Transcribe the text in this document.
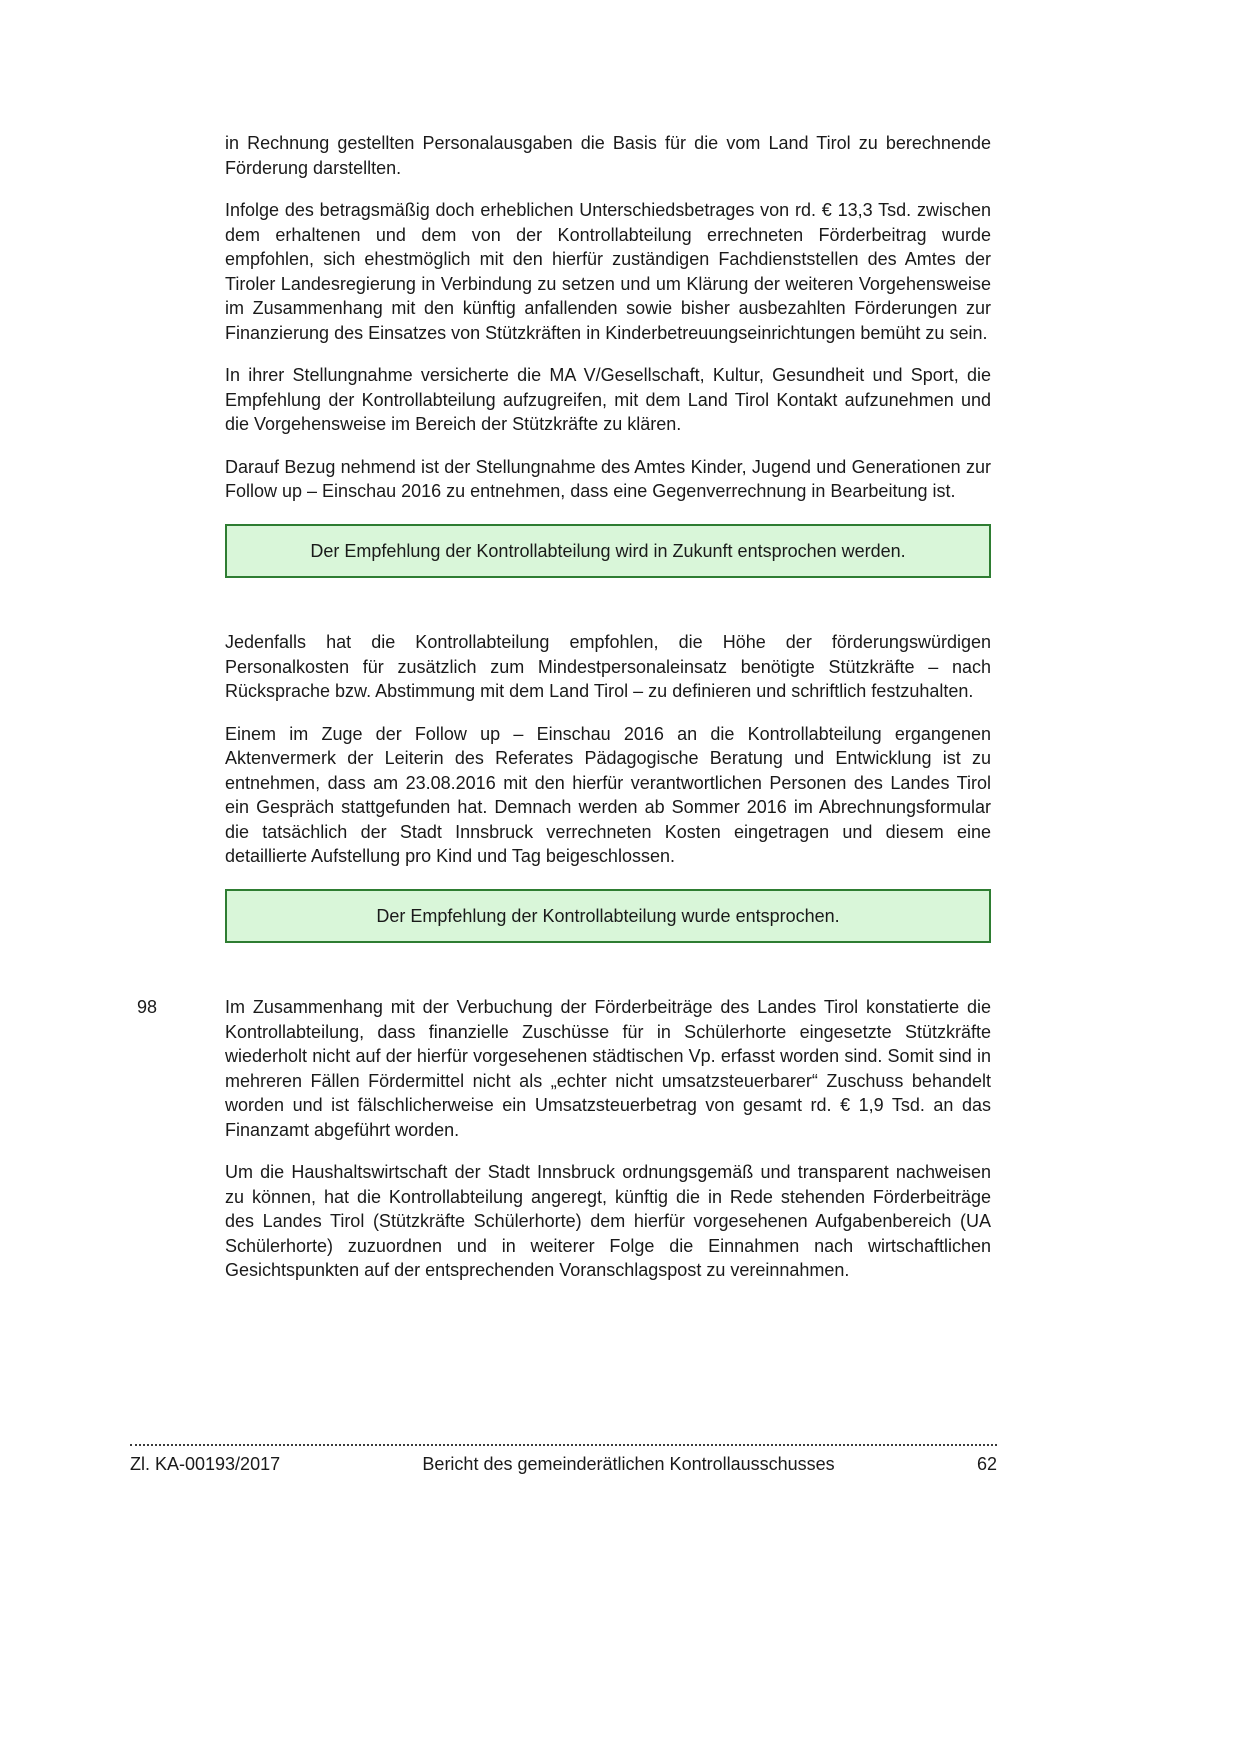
in Rechnung gestellten Personalausgaben die Basis für die vom Land Tirol zu berechnende Förderung darstellten.

Infolge des betragsmäßig doch erheblichen Unterschiedsbetrages von rd. € 13,3 Tsd. zwischen dem erhaltenen und dem von der Kontrollabteilung errechneten Förderbeitrag wurde empfohlen, sich ehestmöglich mit den hierfür zuständigen Fachdienststellen des Amtes der Tiroler Landesregierung in Verbindung zu setzen und um Klärung der weiteren Vorgehensweise im Zusammenhang mit den künftig anfallenden sowie bisher ausbezahlten Förderungen zur Finanzierung des Einsatzes von Stützkräften in Kinderbetreuungseinrichtungen bemüht zu sein.

In ihrer Stellungnahme versicherte die MA V/Gesellschaft, Kultur, Gesundheit und Sport, die Empfehlung der Kontrollabteilung aufzugreifen, mit dem Land Tirol Kontakt aufzunehmen und die Vorgehensweise im Bereich der Stützkräfte zu klären.

Darauf Bezug nehmend ist der Stellungnahme des Amtes Kinder, Jugend und Generationen zur Follow up – Einschau 2016 zu entnehmen, dass eine Gegenverrechnung in Bearbeitung ist.

Der Empfehlung der Kontrollabteilung wird in Zukunft entsprochen werden.

Jedenfalls hat die Kontrollabteilung empfohlen, die Höhe der förderungswürdigen Personalkosten für zusätzlich zum Mindestpersonaleinsatz benötigte Stützkräfte – nach Rücksprache bzw. Abstimmung mit dem Land Tirol – zu definieren und schriftlich festzuhalten.

Einem im Zuge der Follow up – Einschau 2016 an die Kontrollabteilung ergangenen Aktenvermerk der Leiterin des Referates Pädagogische Beratung und Entwicklung ist zu entnehmen, dass am 23.08.2016 mit den hierfür verantwortlichen Personen des Landes Tirol ein Gespräch stattgefunden hat. Demnach werden ab Sommer 2016 im Abrechnungsformular die tatsächlich der Stadt Innsbruck verrechneten Kosten eingetragen und diesem eine detaillierte Aufstellung pro Kind und Tag beigeschlossen.

Der Empfehlung der Kontrollabteilung wurde entsprochen.
98	Im Zusammenhang mit der Verbuchung der Förderbeiträge des Landes Tirol konstatierte die Kontrollabteilung, dass finanzielle Zuschüsse für in Schülerhorte eingesetzte Stützkräfte wiederholt nicht auf der hierfür vorgesehenen städtischen Vp. erfasst worden sind. Somit sind in mehreren Fällen Fördermittel nicht als „echter nicht umsatzsteuerbarer“ Zuschuss behandelt worden und ist fälschlicherweise ein Umsatzsteuerbetrag von gesamt rd. € 1,9 Tsd. an das Finanzamt abgeführt worden.

Um die Haushaltswirtschaft der Stadt Innsbruck ordnungsgemäß und transparent nachweisen zu können, hat die Kontrollabteilung angeregt, künftig die in Rede stehenden Förderbeiträge des Landes Tirol (Stützkräfte Schülerhorte) dem hierfür vorgesehenen Aufgabenbereich (UA Schülerhorte) zuzuordnen und in weiterer Folge die Einnahmen nach wirtschaftlichen Gesichtspunkten auf der entsprechenden Voranschlagspost zu vereinnahmen.

Zl. KA-00193/2017	Bericht des gemeinderätlichen Kontrollausschusses	62
